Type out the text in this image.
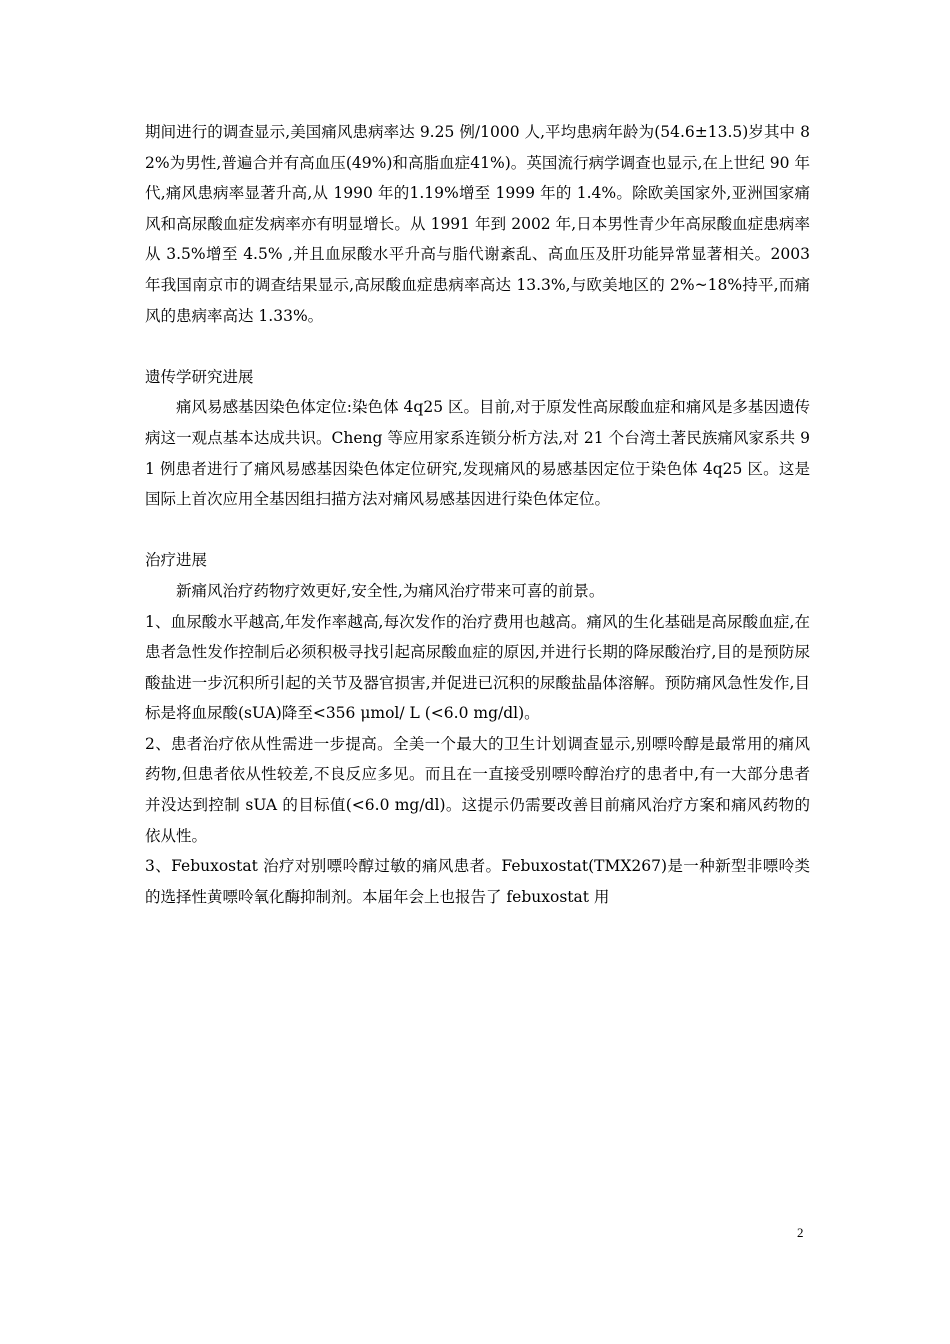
期间进行的调查显示,美国痛风患病率达 9.25 例/1000 人,平均患病年龄为(54.6±13.5)岁其中 82%为男性,普遍合并有高血压(49%)和高脂血症41%)。英国流行病学调查也显示,在上世纪 90 年代,痛风患病率显著升高,从 1990 年的1.19%增至 1999 年的 1.4%。除欧美国家外,亚洲国家痛风和高尿酸血症发病率亦有明显增长。从 1991 年到 2002 年,日本男性青少年高尿酸血症患病率从 3.5%增至 4.5% ,并且血尿酸水平升高与脂代谢紊乱、高血压及肝功能异常显著相关。2003 年我国南京市的调查结果显示,高尿酸血症患病率高达 13.3%,与欧美地区的 2%~18%持平,而痛风的患病率高达 1.33%。

遗传学研究进展

痛风易感基因染色体定位:染色体 4q25 区。目前,对于原发性高尿酸血症和痛风是多基因遗传病这一观点基本达成共识。Cheng 等应用家系连锁分析方法,对 21 个台湾土著民族痛风家系共 91 例患者进行了痛风易感基因染色体定位研究,发现痛风的易感基因定位于染色体 4q25 区。这是国际上首次应用全基因组扫描方法对痛风易感基因进行染色体定位。

治疗进展

新痛风治疗药物疗效更好,安全性,为痛风治疗带来可喜的前景。

1、血尿酸水平越高,年发作率越高,每次发作的治疗费用也越高。痛风的生化基础是高尿酸血症,在患者急性发作控制后必须积极寻找引起高尿酸血症的原因,并进行长期的降尿酸治疗,目的是预防尿酸盐进一步沉积所引起的关节及器官损害,并促进已沉积的尿酸盐晶体溶解。预防痛风急性发作,目标是将血尿酸(sUA)降至<356 μmol/ L (<6.0 mg/dl)。

2、患者治疗依从性需进一步提高。全美一个最大的卫生计划调查显示,别嘌呤醇是最常用的痛风药物,但患者依从性较差,不良反应多见。而且在一直接受别嘌呤醇治疗的患者中,有一大部分患者并没达到控制 sUA 的目标值(<6.0 mg/dl)。这提示仍需要改善目前痛风治疗方案和痛风药物的依从性。

3、Febuxostat 治疗对别嘌呤醇过敏的痛风患者。Febuxostat(TMX267)是一种新型非嘌呤类的选择性黄嘌呤氧化酶抑制剂。本届年会上也报告了 febuxostat 用

2
